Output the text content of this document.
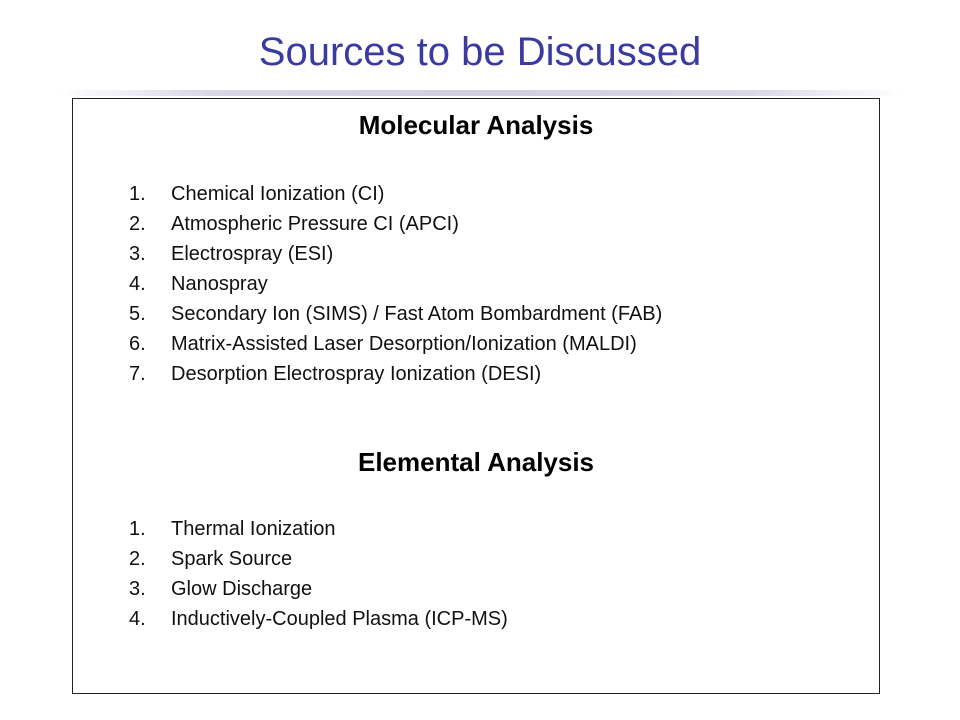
Sources to be Discussed
Molecular Analysis
1.	Chemical Ionization (CI)
2.	Atmospheric Pressure CI (APCI)
3.	Electrospray (ESI)
4.	Nanospray
5.	Secondary Ion (SIMS) / Fast Atom Bombardment (FAB)
6.	Matrix-Assisted Laser Desorption/Ionization (MALDI)
7.	Desorption Electrospray Ionization (DESI)
Elemental Analysis
1.	Thermal Ionization
2.	Spark Source
3.	Glow Discharge
4.	Inductively-Coupled Plasma (ICP-MS)
